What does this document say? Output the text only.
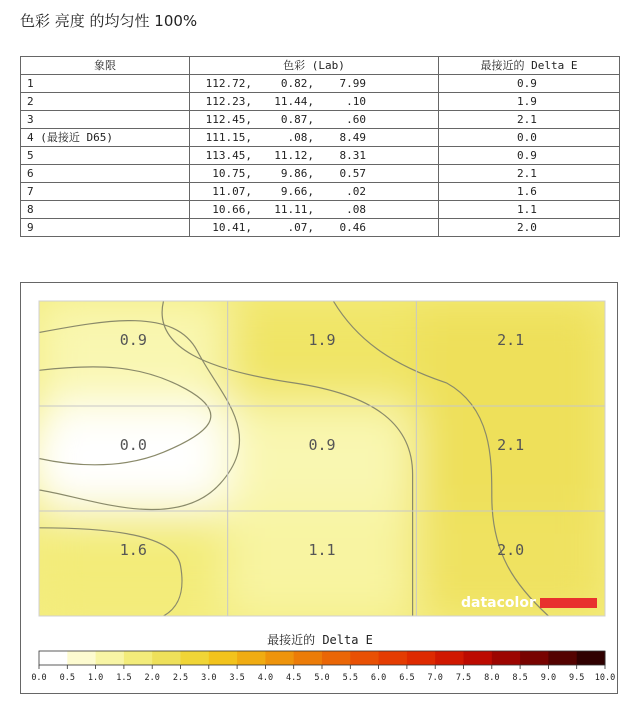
色彩 亮度 的均匀性 100%
象限	色彩 (Lab)	最接近的 Delta E
1	112.72, 0.82, 7.99	0.9
2	112.23, 11.44, .10	1.9
3	112.45, 0.87, .60	2.1
4 (最接近 D65)	111.15, .08, 8.49	0.0
5	113.45, 11.12, 8.31	0.9
6	10.75, 9.86, 0.57	2.1
7	11.07, 9.66, .02	1.6
8	10.66, 11.11, .08	1.1
9	10.41, .07, 0.46	2.0
0.9	1.9	2.1
0.0	0.9	2.1
1.6	1.1	2.0
datacolor
最接近的 Delta E
0.0 0.5 1.0 1.5 2.0 2.5 3.0 3.5 4.0 4.5 5.0 5.5 6.0 6.5 7.0 7.5 8.0 8.5 9.0 9.5 10.0
